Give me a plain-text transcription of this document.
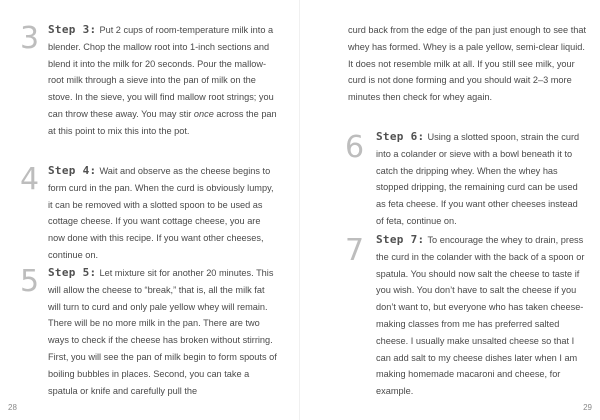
3 Step 3: Put 2 cups of room-temperature milk into a blender. Chop the mallow root into 1-inch sections and blend it into the milk for 20 seconds. Pour the mallow-root milk through a sieve into the pan of milk on the stove. In the sieve, you will find mallow root strings; you can throw these away. You may stir once across the pan at this point to mix this into the pot.
4 Step 4: Wait and observe as the cheese begins to form curd in the pan. When the curd is obviously lumpy, it can be removed with a slotted spoon to be used as cottage cheese. If you want cottage cheese, you are now done with this recipe. If you want other cheeses, continue on.
5 Step 5: Let mixture sit for another 20 minutes. This will allow the cheese to “break,” that is, all the milk fat will turn to curd and only pale yellow whey will remain. There will be no more milk in the pan. There are two ways to check if the cheese has broken without stirring. First, you will see the pan of milk begin to form spouts of boiling bubbles in places. Second, you can take a spatula or knife and carefully pull the
28
curd back from the edge of the pan just enough to see that whey has formed. Whey is a pale yellow, semi-clear liquid. It does not resemble milk at all. If you still see milk, your curd is not done forming and you should wait 2–3 more minutes then check for whey again.
6 Step 6: Using a slotted spoon, strain the curd into a colander or sieve with a bowl beneath it to catch the dripping whey. When the whey has stopped dripping, the remaining curd can be used as feta cheese. If you want other cheeses instead of feta, continue on.
7 Step 7: To encourage the whey to drain, press the curd in the colander with the back of a spoon or spatula. You should now salt the cheese to taste if you wish. You don’t have to salt the cheese if you don’t want to, but everyone who has taken cheese-making classes from me has preferred salted cheese. I usually make unsalted cheese so that I can add salt to my cheese dishes later when I am making homemade macaroni and cheese, for example.
29
